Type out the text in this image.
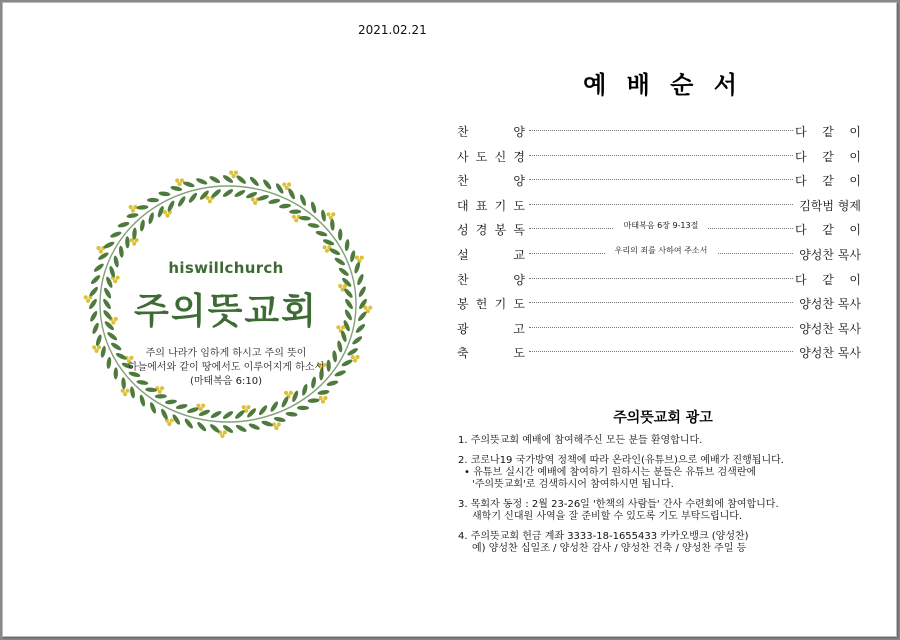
2021.02.21
hiswillchurch
주의뜻교회
주의 나라가 임하게 하시고 주의 뜻이
하늘에서와 같이 땅에서도 이루어지게 하소서
(마태복음 6:10)
예 배 순 서
찬	양	다 같 이
사 도 신 경	다 같 이
찬	양	다 같 이
대 표 기 도	김학범 형제
성 경 봉 독	마태복음 6장 9-13절	다 같 이
설	교	우리의 죄를 사하여 주소서	양성찬 목사
찬	양	다 같 이
봉 헌 기 도	양성찬 목사
광	고	양성찬 목사
축	도	양성찬 목사
주의뜻교회 광고
1. 주의뜻교회 예배에 참여해주신 모든 분들 환영합니다.
2. 코로나19 국가방역 정책에 따라 온라인(유튜브)으로 예배가 진행됩니다.
• 유튜브 실시간 예배에 참여하기 원하시는 분들은 유튜브 검색란에
'주의뜻교회'로 검색하시어 참여하시면 됩니다.
3. 목회자 동정 : 2월 23-26일 '한책의 사람들' 간사 수련회에 참여합니다.
새학기 신대원 사역을 잘 준비할 수 있도록 기도 부탁드립니다.
4. 주의뜻교회 헌금 계좌 3333-18-1655433 카카오뱅크 (양성찬)
예) 양성찬 십일조 / 양성찬 감사 / 양성찬 건축 / 양성찬 주일 등
